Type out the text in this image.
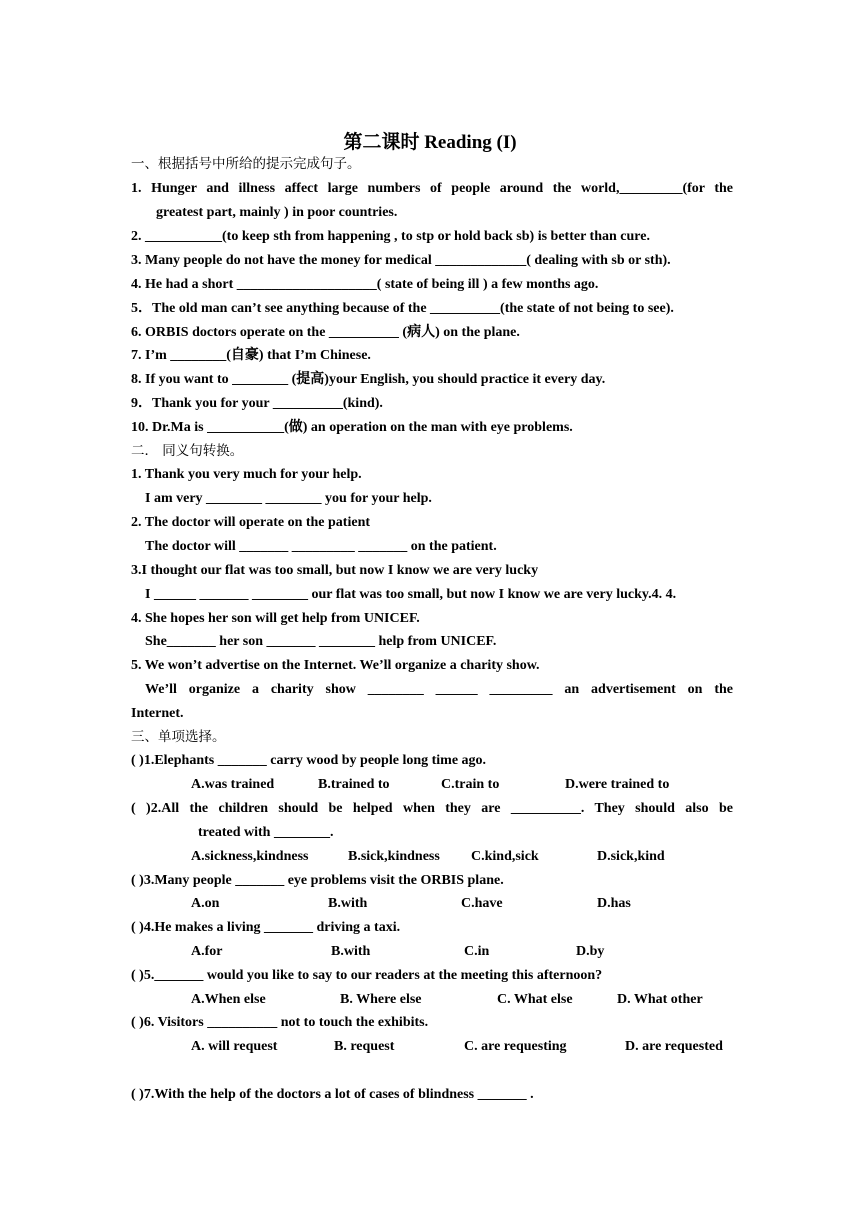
第二课时 Reading (I)
一、根据括号中所给的提示完成句子。
1. Hunger and illness affect large numbers of people around the world,_________(for the
greatest part, mainly ) in poor countries.
2. ___________(to keep sth from happening , to stp or hold back sb) is better than cure.
3. Many people do not have the money for medical _____________( dealing with sb or sth).
4. He had a short ____________________( state of being ill ) a few months ago.
5．The old man can’t see anything because of the __________(the state of not being to see).
6. ORBIS doctors operate on the __________ (病人) on the plane.
7. I’m ________(自豪) that I’m Chinese.
8. If you want to ________ (提高)your English, you should practice it every day.
9．Thank you for your __________(kind).
10. Dr.Ma is ___________(做) an operation on the man with eye problems.
二． 同义句转换。
1. Thank you very much for your help.
I am very ________ ________ you for your help.
2. The doctor will operate on the patient
The doctor will _______ _________ _______ on the patient.
3.I thought our flat was too small, but now I know we are very lucky
I ______ _______ ________ our flat was too small, but now I know we are very lucky.4. 4.
4. She hopes her son will get help from UNICEF.
She_______ her son _______ ________ help from UNICEF.
5. We won’t advertise on the Internet. We’ll organize a charity show.
We’ll organize a charity show ________ ______ _________ an advertisement on the
Internet.
三、单项选择。
( )1.Elephants _______ carry wood by people long time ago.
A.was trained	B.trained to	C.train to	D.were trained to
( )2.All the children should be helped when they are __________. They should also be
treated with ________.
A.sickness,kindness	B.sick,kindness C.kind,sick	D.sick,kind
( )3.Many people _______ eye problems visit the ORBIS plane.
A.on	B.with	C.have	D.has
( )4.He makes a living _______ driving a taxi.
A.for	B.with	C.in	D.by
( )5._______ would you like to say to our readers at the meeting this afternoon?
A.When else	B. Where else	C. What else	D. What other
( )6. Visitors __________ not to touch the exhibits.
A. will request	B. request	C. are requesting	D. are requested
( )7.With the help of the doctors a lot of cases of blindness _______ .
